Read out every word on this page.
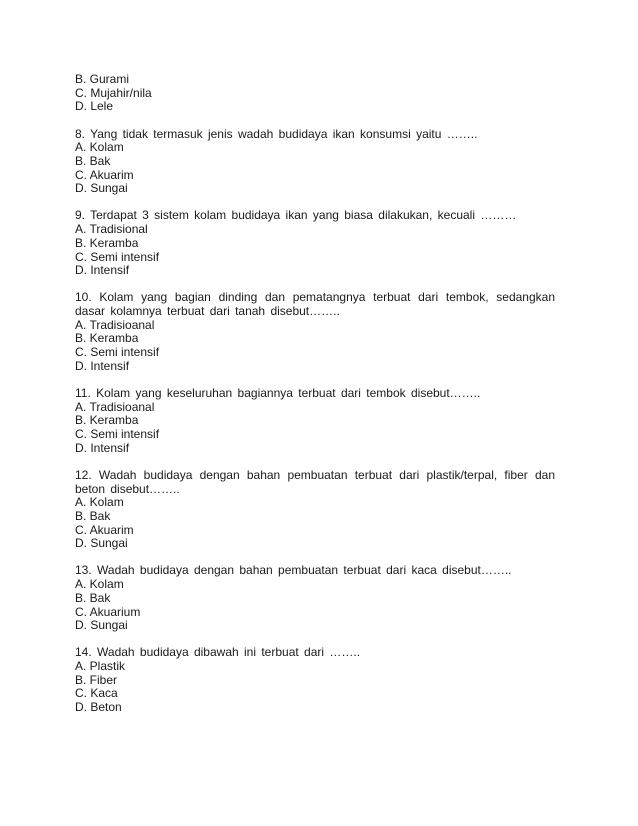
B. Gurami
C. Mujahir/nila
D. Lele
8. Yang tidak termasuk jenis wadah budidaya ikan konsumsi yaitu ……..
A. Kolam
B. Bak
C. Akuarim
D. Sungai
9. Terdapat 3 sistem kolam budidaya ikan yang biasa dilakukan, kecuali ………
A. Tradisional
B. Keramba
C. Semi intensif
D. Intensif
10. Kolam yang bagian dinding dan pematangnya terbuat dari tembok, sedangkan dasar kolamnya terbuat dari tanah disebut……..
A. Tradisioanal
B. Keramba
C. Semi intensif
D. Intensif
11. Kolam yang keseluruhan bagiannya terbuat dari tembok disebut……..
A. Tradisioanal
B. Keramba
C. Semi intensif
D. Intensif
12. Wadah budidaya dengan bahan pembuatan terbuat dari plastik/terpal, fiber dan beton disebut……..
A. Kolam
B. Bak
C. Akuarim
D. Sungai
13. Wadah budidaya dengan bahan pembuatan terbuat dari kaca disebut……..
A. Kolam
B. Bak
C. Akuarium
D. Sungai
14. Wadah budidaya dibawah ini terbuat dari ……..
A. Plastik
B. Fiber
C. Kaca
D. Beton
